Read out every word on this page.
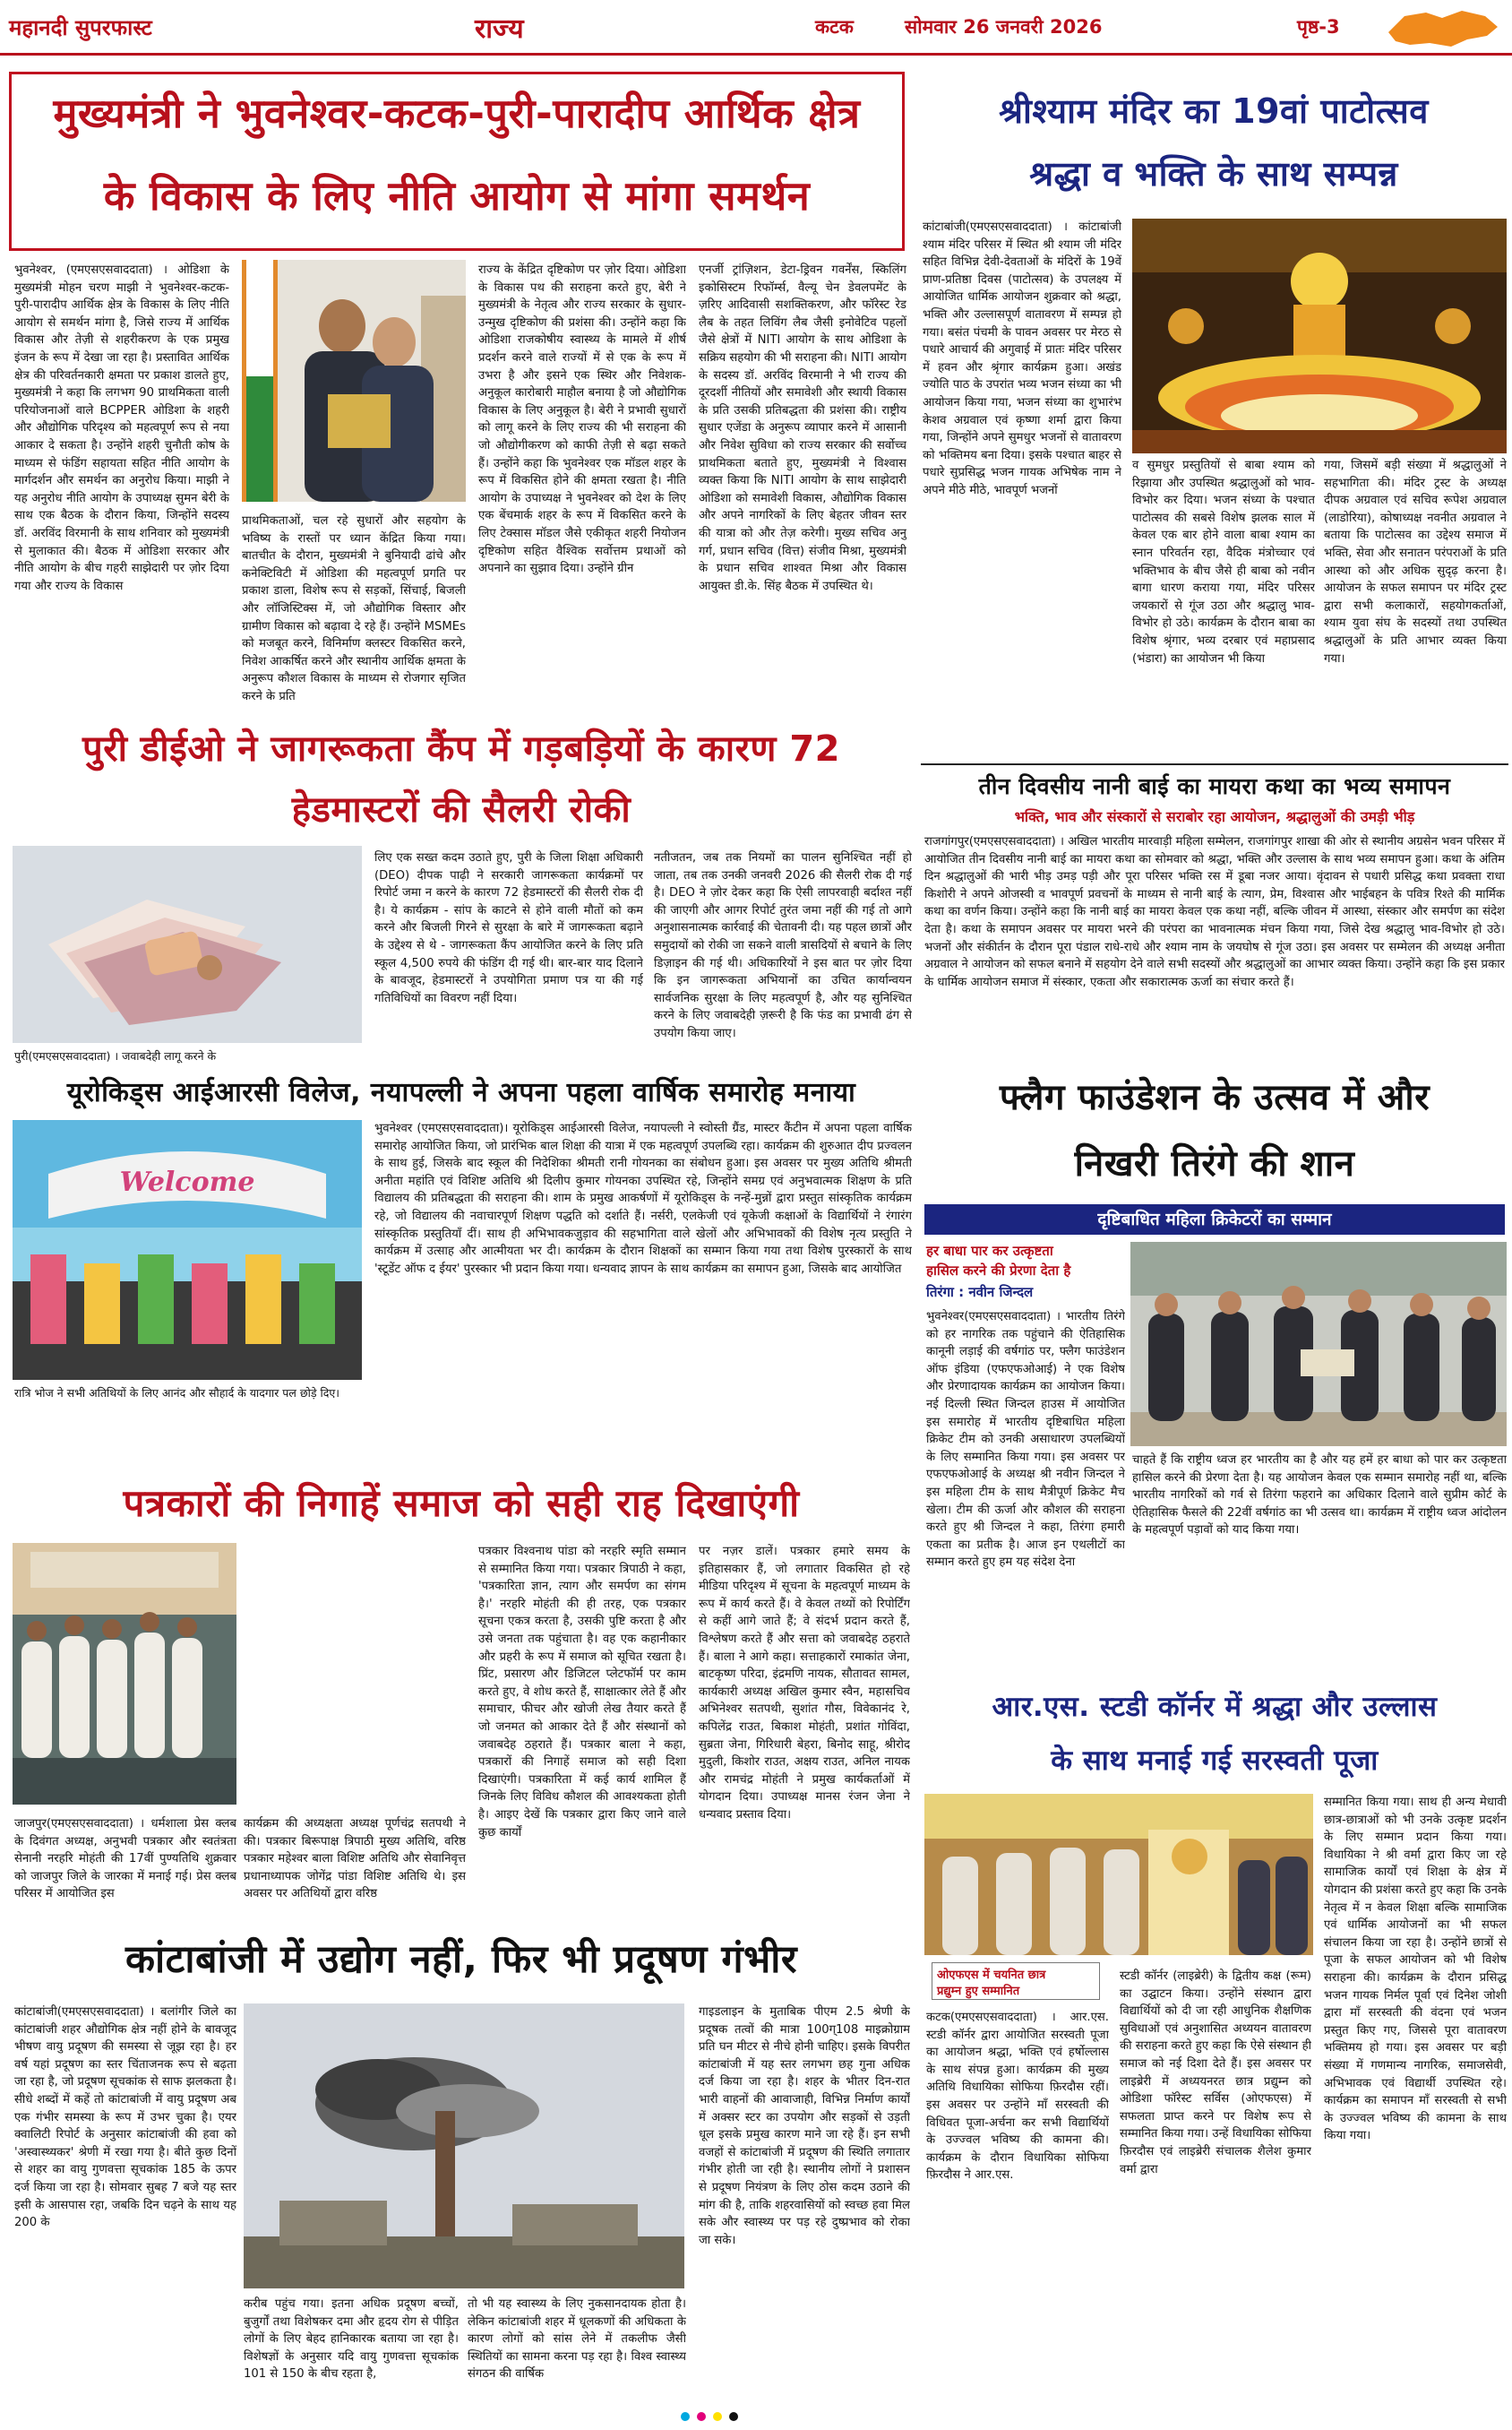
महानदी सुपरफास्ट	राज्य	कटक	सोमवार 26 जनवरी 2026	पृष्ठ-3
मुख्यमंत्री ने भुवनेश्वर-कटक-पुरी-पारादीप आर्थिक क्षेत्र
के विकास के लिए नीति आयोग से मांगा समर्थन

भुवनेश्वर, (एमएसएसवाददाता) । ओडिशा के मुख्यमंत्री मोहन चरण माझी ने भुवनेश्वर-कटक-पुरी-पारादीप आर्थिक क्षेत्र के विकास के लिए नीति आयोग से समर्थन मांगा है, जिसे राज्य में आर्थिक विकास और तेज़ी से शहरीकरण के एक प्रमुख इंजन के रूप में देखा जा रहा है। प्रस्तावित आर्थिक क्षेत्र की परिवर्तनकारी क्षमता पर प्रकाश डालते हुए, मुख्यमंत्री ने कहा कि लगभग 90 प्राथमिकता वाली परियोजनाओं वाले BCPPER ओडिशा के शहरी और औद्योगिक परिदृश्य को महत्वपूर्ण रूप से नया आकार दे सकता है। उन्होंने शहरी चुनौती कोष के माध्यम से फंडिंग सहायता सहित नीति आयोग के मार्गदर्शन और समर्थन का अनुरोध किया। माझी ने यह अनुरोध नीति आयोग के उपाध्यक्ष सुमन बेरी के साथ एक बैठक के दौरान किया, जिन्होंने सदस्य डॉ. अरविंद विरमानी के साथ शनिवार को मुख्यमंत्री से मुलाकात की। बैठक में ओडिशा सरकार और नीति आयोग के बीच गहरी साझेदारी पर ज़ोर दिया गया और राज्य के विकास

प्राथमिकताओं, चल रहे सुधारों और सहयोग के भविष्य के रास्तों पर ध्यान केंद्रित किया गया। बातचीत के दौरान, मुख्यमंत्री ने बुनियादी ढांचे और कनेक्टिविटी में ओडिशा की महत्वपूर्ण प्रगति पर प्रकाश डाला, विशेष रूप से सड़कों, सिंचाई, बिजली और लॉजिस्टिक्स में, जो औद्योगिक विस्तार और ग्रामीण विकास को बढ़ावा दे रहे हैं। उन्होंने MSMEs को मजबूत करने, विनिर्माण क्लस्टर विकसित करने, निवेश आकर्षित करने और स्थानीय आर्थिक क्षमता के अनुरूप कौशल विकास के माध्यम से रोजगार सृजित करने के प्रति

राज्य के केंद्रित दृष्टिकोण पर ज़ोर दिया। ओडिशा के विकास पथ की सराहना करते हुए, बेरी ने मुख्यमंत्री के नेतृत्व और राज्य सरकार के सुधार-उन्मुख दृष्टिकोण की प्रशंसा की। उन्होंने कहा कि ओडिशा राजकोषीय स्वास्थ्य के मामले में शीर्ष प्रदर्शन करने वाले राज्यों में से एक के रूप में उभरा है और इसने एक स्थिर और निवेशक-अनुकूल कारोबारी माहौल बनाया है जो औद्योगिक विकास के लिए अनुकूल है। बेरी ने प्रभावी सुधारों को लागू करने के लिए राज्य की भी सराहना की जो औद्योगीकरण को काफी तेज़ी से बढ़ा सकते हैं। उन्होंने कहा कि भुवनेश्वर एक मॉडल शहर के रूप में विकसित होने की क्षमता रखता है। नीति आयोग के उपाध्यक्ष ने भुवनेश्वर को देश के लिए एक बेंचमार्क शहर के रूप में विकसित करने के लिए टेक्सास मॉडल जैसे एकीकृत शहरी नियोजन दृष्टिकोण सहित वैश्विक सर्वोत्तम प्रथाओं को अपनाने का सुझाव दिया। उन्होंने ग्रीन

एनर्जी ट्रांज़िशन, डेटा-ड्रिवन गवर्नेंस, स्किलिंग इकोसिस्टम रिफॉर्म्स, वैल्यू चेन डेवलपमेंट के ज़रिए आदिवासी सशक्तिकरण, और फॉरेस्ट रेड लैब के तहत लिविंग लैब जैसी इनोवेटिव पहलों जैसे क्षेत्रों में NITI आयोग के साथ ओडिशा के सक्रिय सहयोग की भी सराहना की। NITI आयोग के सदस्य डॉ. अरविंद विरमानी ने भी राज्य की दूरदर्शी नीतियों और समावेशी और स्थायी विकास के प्रति उसकी प्रतिबद्धता की प्रशंसा की। राष्ट्रीय सुधार एजेंडा के अनुरूप व्यापार करने में आसानी और निवेश सुविधा को राज्य सरकार की सर्वोच्च प्राथमिकता बताते हुए, मुख्यमंत्री ने विश्वास व्यक्त किया कि NITI आयोग के साथ साझेदारी ओडिशा को समावेशी विकास, औद्योगिक विकास और अपने नागरिकों के लिए बेहतर जीवन स्तर की यात्रा को और तेज़ करेगी। मुख्य सचिव अनु गर्ग, प्रधान सचिव (वित्त) संजीव मिश्रा, मुख्यमंत्री के प्रधान सचिव शाश्वत मिश्रा और विकास आयुक्त डी.के. सिंह बैठक में उपस्थित थे।

श्रीश्याम मंदिर का 19वां पाटोत्सव
श्रद्धा व भक्ति के साथ सम्पन्न

कांटाबांजी(एमएसएसवाददाता) । कांटाबांजी श्याम मंदिर परिसर में स्थित श्री श्याम जी मंदिर सहित विभिन्न देवी-देवताओं के मंदिरों के 19वें प्राण-प्रतिष्ठा दिवस (पाटोत्सव) के उपलक्ष्य में आयोजित धार्मिक आयोजन शुक्रवार को श्रद्धा, भक्ति और उल्लासपूर्ण वातावरण में सम्पन्न हो गया। बसंत पंचमी के पावन अवसर पर मेरठ से पधारे आचार्य की अगुवाई में प्रातः मंदिर परिसर में हवन और श्रृंगार कार्यक्रम हुआ। अखंड ज्योति पाठ के उपरांत भव्य भजन संध्या का भी आयोजन किया गया, भजन संध्या का शुभारंभ केशव अग्रवाल एवं कृष्णा शर्मा द्वारा किया गया, जिन्होंने अपने सुमधुर भजनों से वातावरण को भक्तिमय बना दिया। इसके पश्चात बाहर से पधारे सुप्रसिद्ध भजन गायक अभिषेक नाम ने अपने मीठे मीठे, भावपूर्ण भजनों

व सुमधुर प्रस्तुतियों से बाबा श्याम को रिझाया और उपस्थित श्रद्धालुओं को भाव-विभोर कर दिया। भजन संध्या के पश्चात पाटोत्सव की सबसे विशेष झलक साल में केवल एक बार होने वाला बाबा श्याम का स्नान परिवर्तन रहा, वैदिक मंत्रोच्चार एवं भक्तिभाव के बीच जैसे ही बाबा को नवीन बागा धारण कराया गया, मंदिर परिसर जयकारों से गूंज उठा और श्रद्धालु भाव-विभोर हो उठे। कार्यक्रम के दौरान बाबा का विशेष श्रृंगार, भव्य दरबार एवं महाप्रसाद (भंडारा) का आयोजन भी किया

गया, जिसमें बड़ी संख्या में श्रद्धालुओं ने सहभागिता की। मंदिर ट्रस्ट के अध्यक्ष दीपक अग्रवाल एवं सचिव रूपेश अग्रवाल (लाडोरिया), कोषाध्यक्ष नवनीत अग्रवाल ने बताया कि पाटोत्सव का उद्देश्य समाज में भक्ति, सेवा और सनातन परंपराओं के प्रति आस्था को और अधिक सुदृढ़ करना है। आयोजन के सफल समापन पर मंदिर ट्रस्ट द्वारा सभी कलाकारों, सहयोगकर्ताओं, श्याम युवा संघ के सदस्यों तथा उपस्थित श्रद्धालुओं के प्रति आभार व्यक्त किया गया।

पुरी डीईओ ने जागरूकता कैंप में गड़बड़ियों के कारण 72
हेडमास्टरों की सैलरी रोकी
पुरी(एमएसएसवाददाता) । जवाबदेही लागू करने के

लिए एक सख्त कदम उठाते हुए, पुरी के जिला शिक्षा अधिकारी (DEO) दीपक पाढ़ी ने सरकारी जागरूकता कार्यक्रमों पर रिपोर्ट जमा न करने के कारण 72 हेडमास्टरों की सैलरी रोक दी है। ये कार्यक्रम - सांप के काटने से होने वाली मौतों को कम करने और बिजली गिरने से सुरक्षा के बारे में जागरूकता बढ़ाने के उद्देश्य से थे - जागरूकता कैंप आयोजित करने के लिए प्रति स्कूल 4,500 रुपये की फंडिंग दी गई थी। बार-बार याद दिलाने के बावजूद, हेडमास्टरों ने उपयोगिता प्रमाण पत्र या की गई गतिविधियों का विवरण नहीं दिया।

नतीजतन, जब तक नियमों का पालन सुनिश्चित नहीं हो जाता, तब तक उनकी जनवरी 2026 की सैलरी रोक दी गई है। DEO ने ज़ोर देकर कहा कि ऐसी लापरवाही बर्दाश्त नहीं की जाएगी और आगर रिपोर्ट तुरंत जमा नहीं की गई तो आगे अनुशासनात्मक कार्रवाई की चेतावनी दी। यह पहल छात्रों और समुदायों को रोकी जा सकने वाली त्रासदियों से बचाने के लिए डिज़ाइन की गई थी। अधिकारियों ने इस बात पर ज़ोर दिया कि इन जागरूकता अभियानों का उचित कार्यान्वयन सार्वजनिक सुरक्षा के लिए महत्वपूर्ण है, और यह सुनिश्चित करने के लिए जवाबदेही ज़रूरी है कि फंड का प्रभावी ढंग से उपयोग किया जाए।

तीन दिवसीय नानी बाई का मायरा कथा का भव्य समापन
भक्ति, भाव और संस्कारों से सराबोर रहा आयोजन, श्रद्धालुओं की उमड़ी भीड़

राजगांगपुर(एमएसएसवाददाता) । अखिल भारतीय मारवाड़ी महिला सम्मेलन, राजगांगपुर शाखा की ओर से स्थानीय अग्रसेन भवन परिसर में आयोजित तीन दिवसीय नानी बाई का मायरा कथा का सोमवार को श्रद्धा, भक्ति और उल्लास के साथ भव्य समापन हुआ। कथा के अंतिम दिन श्रद्धालुओं की भारी भीड़ उमड़ पड़ी और पूरा परिसर भक्ति रस में डूबा नजर आया। वृंदावन से पधारी प्रसिद्ध कथा प्रवक्ता राधा किशोरी ने अपने ओजस्वी व भावपूर्ण प्रवचनों के माध्यम से नानी बाई के त्याग, प्रेम, विश्वास और भाईबहन के पवित्र रिश्ते की मार्मिक कथा का वर्णन किया। उन्होंने कहा कि नानी बाई का मायरा केवल एक कथा नहीं, बल्कि जीवन में आस्था, संस्कार और समर्पण का संदेश देता है। कथा के समापन अवसर पर मायरा भरने की परंपरा का भावनात्मक मंचन किया गया, जिसे देख श्रद्धालु भाव-विभोर हो उठे। भजनों और संकीर्तन के दौरान पूरा पंडाल राधे-राधे और श्याम नाम के जयघोष से गूंज उठा। इस अवसर पर सम्मेलन की अध्यक्ष अनीता अग्रवाल ने आयोजन को सफल बनाने में सहयोग देने वाले सभी सदस्यों और श्रद्धालुओं का आभार व्यक्त किया। उन्होंने कहा कि इस प्रकार के धार्मिक आयोजन समाज में संस्कार, एकता और सकारात्मक ऊर्जा का संचार करते हैं।

यूरोकिड्स आईआरसी विलेज, नयापल्ली ने अपना पहला वार्षिक समारोह मनाया
Welcome
रात्रि भोज ने सभी अतिथियों के लिए आनंद और सौहार्द के यादगार पल छोड़े दिए।

भुवनेश्वर (एमएसएसवाददाता)। यूरोकिड्स आईआरसी विलेज, नयापल्ली ने स्वोस्ती ग्रैंड, मास्टर कैंटीन में अपना पहला वार्षिक समारोह आयोजित किया, जो प्रारंभिक बाल शिक्षा की यात्रा में एक महत्वपूर्ण उपलब्धि रहा। कार्यक्रम की शुरुआत दीप प्रज्वलन के साथ हुई, जिसके बाद स्कूल की निदेशिका श्रीमती रानी गोयनका का संबोधन हुआ। इस अवसर पर मुख्य अतिथि श्रीमती अनीता महांति एवं विशिष्ट अतिथि श्री दिलीप कुमार गोयनका उपस्थित रहे, जिन्होंने समग्र एवं अनुभवात्मक शिक्षण के प्रति विद्यालय की प्रतिबद्धता की सराहना की। शाम के प्रमुख आकर्षणों में यूरोकिड्स के नन्हें-मुन्नों द्वारा प्रस्तुत सांस्कृतिक कार्यक्रम रहे, जो विद्यालय की नवाचारपूर्ण शिक्षण पद्धति को दर्शाते हैं। नर्सरी, एलकेजी एवं यूकेजी कक्षाओं के विद्यार्थियों ने रंगारंग सांस्कृतिक प्रस्तुतियाँ दीं। साथ ही अभिभावकजुड़ाव की सहभागिता वाले खेलों और अभिभावकों की विशेष नृत्य प्रस्तुति ने कार्यक्रम में उत्साह और आत्मीयता भर दी। कार्यक्रम के दौरान शिक्षकों का सम्मान किया गया तथा विशेष पुरस्कारों के साथ 'स्टूडेंट ऑफ द ईयर' पुरस्कार भी प्रदान किया गया। धन्यवाद ज्ञापन के साथ कार्यक्रम का समापन हुआ, जिसके बाद आयोजित

फ्लैग फाउंडेशन के उत्सव में और
निखरी तिरंगे की शान
दृष्टिबाधित महिला क्रिकेटरों का सम्मान
हर बाधा पार कर उत्कृष्टता
हासिल करने की प्रेरणा देता है
तिरंगा : नवीन जिन्दल

भुवनेश्वर(एमएसएसवाददाता) । भारतीय तिरंगे को हर नागरिक तक पहुंचाने की ऐतिहासिक कानूनी लड़ाई की वर्षगांठ पर, फ्लैग फाउंडेशन ऑफ इंडिया (एफएफओआई) ने एक विशेष और प्रेरणादायक कार्यक्रम का आयोजन किया। नई दिल्ली स्थित जिन्दल हाउस में आयोजित इस समारोह में भारतीय दृष्टिबाधित महिला क्रिकेट टीम को उनकी असाधारण उपलब्धियों के लिए सम्मानित किया गया। इस अवसर पर एफएफओआई के अध्यक्ष श्री नवीन जिन्दल ने इस महिला टीम के साथ मैत्रीपूर्ण क्रिकेट मैच खेला। टीम की ऊर्जा और कौशल की सराहना करते हुए श्री जिन्दल ने कहा, तिरंगा हमारी एकता का प्रतीक है। आज इन एथलीटों का सम्मान करते हुए हम यह संदेश देना

चाहते हैं कि राष्ट्रीय ध्वज हर भारतीय का है और यह हमें हर बाधा को पार कर उत्कृष्टता हासिल करने की प्रेरणा देता है। यह आयोजन केवल एक सम्मान समारोह नहीं था, बल्कि भारतीय नागरिकों को गर्व से तिरंगा फहराने का अधिकार दिलाने वाले सुप्रीम कोर्ट के ऐतिहासिक फैसले की 22वीं वर्षगांठ का भी उत्सव था। कार्यक्रम में राष्ट्रीय ध्वज आंदोलन के महत्वपूर्ण पड़ावों को याद किया गया।

पत्रकारों की निगाहें समाज को सही राह दिखाएंगी

जाजपुर(एमएसएसवाददाता) । धर्मशाला प्रेस क्लब के दिवंगत अध्यक्ष, अनुभवी पत्रकार और स्वतंत्रता सेनानी नरहरि मोहंती की 17वीं पुण्यतिथि शुक्रवार को जाजपुर जिले के जारका में मनाई गई। प्रेस क्लब परिसर में आयोजित इस

कार्यक्रम की अध्यक्षता अध्यक्ष पूर्णचंद्र सतपथी ने की। पत्रकार बिरूपाक्ष त्रिपाठी मुख्य अतिथि, वरिष्ठ पत्रकार महेश्वर बाला विशिष्ट अतिथि और सेवानिवृत्त प्रधानाध्यापक जोगेंद्र पांडा विशिष्ट अतिथि थे। इस अवसर पर अतिथियों द्वारा वरिष्ठ

पत्रकार विश्वनाथ पांडा को नरहरि स्मृति सम्मान से सम्मानित किया गया। पत्रकार त्रिपाठी ने कहा, 'पत्रकारिता ज्ञान, त्याग और समर्पण का संगम है।' नरहरि मोहंती की ही तरह, एक पत्रकार सूचना एकत्र करता है, उसकी पुष्टि करता है और उसे जनता तक पहुंचाता है। वह एक कहानीकार और प्रहरी के रूप में समाज को सूचित रखता है। प्रिंट, प्रसारण और डिजिटल प्लेटफॉर्म पर काम करते हुए, वे शोध करते हैं, साक्षात्कार लेते हैं और समाचार, फीचर और खोजी लेख तैयार करते हैं जो जनमत को आकार देते हैं और संस्थानों को जवाबदेह ठहराते हैं। पत्रकार बाला ने कहा, पत्रकारों की निगाहें समाज को सही दिशा दिखाएंगी। पत्रकारिता में कई कार्य शामिल हैं जिनके लिए विविध कौशल की आवश्यकता होती है। आइए देखें कि पत्रकार द्वारा किए जाने वाले कुछ कार्यों

पर नज़र डालें। पत्रकार हमारे समय के इतिहासकार हैं, जो लगातार विकसित हो रहे मीडिया परिदृश्य में सूचना के महत्वपूर्ण माध्यम के रूप में कार्य करते हैं। वे केवल तथ्यों को रिपोर्टिंग से कहीं आगे जाते हैं; वे संदर्भ प्रदान करते हैं, विश्लेषण करते हैं और सत्ता को जवाबदेह ठहराते हैं। बाला ने आगे कहा। सत्ताहकारों रमाकांत जेना, बाटकृष्ण परिदा, इंद्रमणि नायक, सौतावत सामल, कार्यकारी अध्यक्ष अखिल कुमार स्वैन, महासचिव अभिनेश्वर सतपथी, सुशांत गौस, विवेकानंद रे, कपिलेंद्र राउत, बिकाश मोहंती, प्रशांत गोविंदा, सुब्रता जेना, गिरिधारी बेहरा, बिनोद साहू, श्रीरोद मुदुली, किशोर राउत, अक्षय राउत, अनिल नायक और रामचंद्र मोहंती ने प्रमुख कार्यकर्ताओं में योगदान दिया। उपाध्यक्ष मानस रंजन जेना ने धन्यवाद प्रस्ताव दिया।

आर.एस. स्टडी कॉर्नर में श्रद्धा और उल्लास
के साथ मनाई गई सरस्वती पूजा

सम्मानित किया गया। साथ ही अन्य मेधावी छात्र-छात्राओं को भी उनके उत्कृष्ट प्रदर्शन के लिए सम्मान प्रदान किया गया। विधायिका ने श्री वर्मा द्वारा किए जा रहे सामाजिक कार्यों एवं शिक्षा के क्षेत्र में योगदान की प्रशंसा करते हुए कहा कि उनके नेतृत्व में न केवल शिक्षा बल्कि सामाजिक एवं धार्मिक आयोजनों का भी सफल संचालन किया जा रहा है। उन्होंने छात्रों से पूजा के सफल आयोजन को भी विशेष सराहना की। कार्यक्रम के दौरान प्रसिद्ध भजन गायक निर्मल पूर्वा एवं दिनेश जोशी द्वारा माँ सरस्वती की वंदना एवं भजन प्रस्तुत किए गए, जिससे पूरा वातावरण भक्तिमय हो गया। इस अवसर पर बड़ी संख्या में गणमान्य नागरिक, समाजसेवी, अभिभावक एवं विद्यार्थी उपस्थित रहे। कार्यक्रम का समापन माँ सरस्वती से सभी के उज्ज्वल भविष्य की कामना के साथ किया गया।

ओएफएस में चयनित छात्र
प्रद्युम्न हुए सम्मानित

कटक(एमएसएसवाददाता) । आर.एस. स्टडी कॉर्नर द्वारा आयोजित सरस्वती पूजा का आयोजन श्रद्धा, भक्ति एवं हर्षोल्लास के साथ संपन्न हुआ। कार्यक्रम की मुख्य अतिथि विधायिका सोफिया फ़िरदौस रहीं। इस अवसर पर उन्होंने माँ सरस्वती की विधिवत पूजा-अर्चना कर सभी विद्यार्थियों के उज्ज्वल भविष्य की कामना की। कार्यक्रम के दौरान विधायिका सोफिया फ़िरदौस ने आर.एस.

स्टडी कॉर्नर (लाइब्रेरी) के द्वितीय कक्ष (रूम) का उद्घाटन किया। उन्होंने संस्थान द्वारा विद्यार्थियों को दी जा रही आधुनिक शैक्षणिक सुविधाओं एवं अनुशासित अध्ययन वातावरण की सराहना करते हुए कहा कि ऐसे संस्थान ही समाज को नई दिशा देते हैं। इस अवसर पर लाइब्रेरी में अध्ययनरत छात्र प्रद्युम्न को ओडिशा फॉरेस्ट सर्विस (ओएफएस) में सफलता प्राप्त करने पर विशेष रूप से सम्मानित किया गया। उन्हें विधायिका सोफिया फ़िरदौस एवं लाइब्रेरी संचालक शैलेश कुमार वर्मा द्वारा

कांटाबांजी में उद्योग नहीं, फिर भी प्रदूषण गंभीर

कांटाबांजी(एमएसएसवाददाता) । बलांगीर जिले का कांटाबांजी शहर औद्योगिक क्षेत्र नहीं होने के बावजूद भीषण वायु प्रदूषण की समस्या से जूझ रहा है। हर वर्ष यहां प्रदूषण का स्तर चिंताजनक रूप से बढ़ता जा रहा है, जो प्रदूषण सूचकांक से साफ झलकता है। सीधे शब्दों में कहें तो कांटाबांजी में वायु प्रदूषण अब एक गंभीर समस्या के रूप में उभर चुका है। एयर क्वालिटी रिपोर्ट के अनुसार कांटाबांजी की हवा को 'अस्वास्थ्यकर' श्रेणी में रखा गया है। बीते कुछ दिनों से शहर का वायु गुणवत्ता सूचकांक 185 के ऊपर दर्ज किया जा रहा है। सोमवार सुबह 7 बजे यह स्तर इसी के आसपास रहा, जबकि दिन चढ़ने के साथ यह 200 के

करीब पहुंच गया। इतना अधिक प्रदूषण बच्चों, बुजुर्गों तथा विशेषकर दमा और हृदय रोग से पीड़ित लोगों के लिए बेहद हानिकारक बताया जा रहा है। विशेषज्ञों के अनुसार यदि वायु गुणवत्ता सूचकांक 101 से 150 के बीच रहता है,

तो भी यह स्वास्थ्य के लिए नुकसानदायक होता है। लेकिन कांटाबांजी शहर में धूलकणों की अधिकता के कारण लोगों को सांस लेने में तकलीफ जैसी स्थितियों का सामना करना पड़ रहा है। विश्व स्वास्थ्य संगठन की वार्षिक

गाइडलाइन के मुताबिक पीएम 2.5 श्रेणी के प्रदूषक तत्वों की मात्रा 100ग्108 माइक्रोग्राम प्रति घन मीटर से नीचे होनी चाहिए। इसके विपरीत कांटाबांजी में यह स्तर लगभग छह गुना अधिक दर्ज किया जा रहा है। शहर के भीतर दिन-रात भारी वाहनों की आवाजाही, विभिन्न निर्माण कार्यों में अक्सर स्टर का उपयोग और सड़कों से उड़ती धूल इसके प्रमुख कारण माने जा रहे हैं। इन सभी वजहों से कांटाबांजी में प्रदूषण की स्थिति लगातार गंभीर होती जा रही है। स्थानीय लोगों ने प्रशासन से प्रदूषण नियंत्रण के लिए ठोस कदम उठाने की मांग की है, ताकि शहरवासियों को स्वच्छ हवा मिल सके और स्वास्थ्य पर पड़ रहे दुष्प्रभाव को रोका जा सके।
